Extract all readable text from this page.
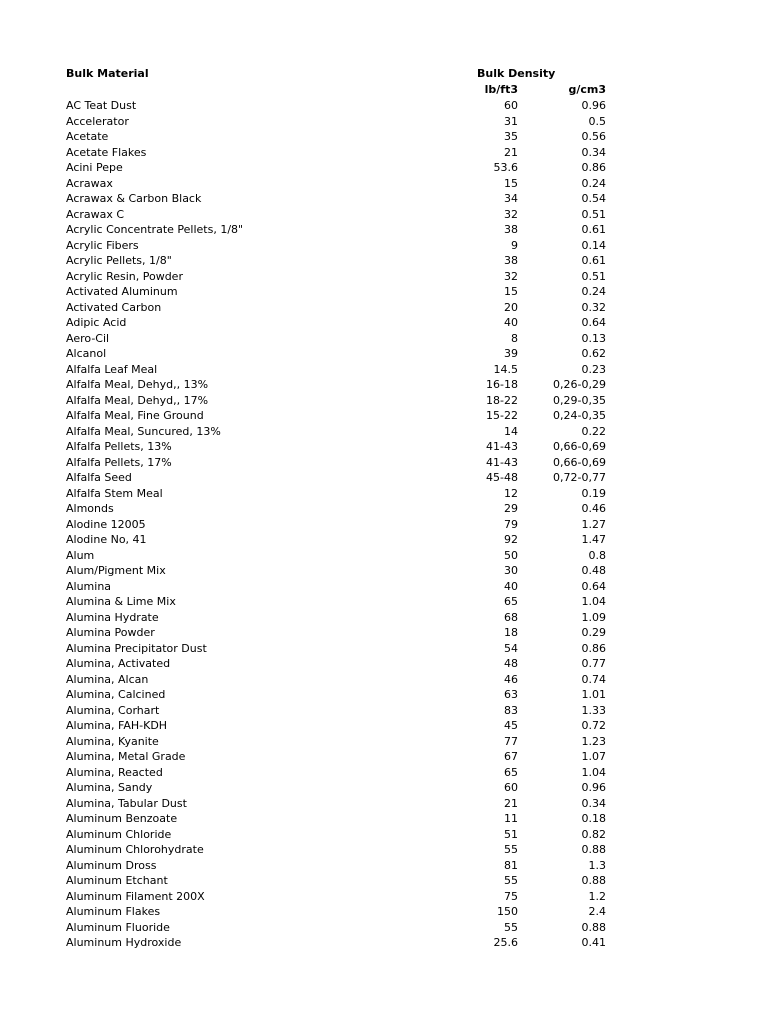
Bulk Material	Bulk Density
lb/ft3	g/cm3
AC Teat Dust	60	0.96
Accelerator	31	0.5
Acetate	35	0.56
Acetate Flakes	21	0.34
Acini Pepe	53.6	0.86
Acrawax	15	0.24
Acrawax & Carbon Black	34	0.54
Acrawax C	32	0.51
Acrylic Concentrate Pellets, 1/8"	38	0.61
Acrylic Fibers	9	0.14
Acrylic Pellets, 1/8"	38	0.61
Acrylic Resin, Powder	32	0.51
Activated Aluminum	15	0.24
Activated Carbon	20	0.32
Adipic Acid	40	0.64
Aero-Cil	8	0.13
Alcanol	39	0.62
Alfalfa Leaf Meal	14.5	0.23
Alfalfa Meal, Dehyd,, 13%	16-18	0,26-0,29
Alfalfa Meal, Dehyd,, 17%	18-22	0,29-0,35
Alfalfa Meal, Fine Ground	15-22	0,24-0,35
Alfalfa Meal, Suncured, 13%	14	0.22
Alfalfa Pellets, 13%	41-43	0,66-0,69
Alfalfa Pellets, 17%	41-43	0,66-0,69
Alfalfa Seed	45-48	0,72-0,77
Alfalfa Stem Meal	12	0.19
Almonds	29	0.46
Alodine 12005	79	1.27
Alodine No, 41	92	1.47
Alum	50	0.8
Alum/Pigment Mix	30	0.48
Alumina	40	0.64
Alumina & Lime Mix	65	1.04
Alumina Hydrate	68	1.09
Alumina Powder	18	0.29
Alumina Precipitator Dust	54	0.86
Alumina, Activated	48	0.77
Alumina, Alcan	46	0.74
Alumina, Calcined	63	1.01
Alumina, Corhart	83	1.33
Alumina, FAH-KDH	45	0.72
Alumina, Kyanite	77	1.23
Alumina, Metal Grade	67	1.07
Alumina, Reacted	65	1.04
Alumina, Sandy	60	0.96
Alumina, Tabular Dust	21	0.34
Aluminum Benzoate	11	0.18
Aluminum Chloride	51	0.82
Aluminum Chlorohydrate	55	0.88
Aluminum Dross	81	1.3
Aluminum Etchant	55	0.88
Aluminum Filament 200X	75	1.2
Aluminum Flakes	150	2.4
Aluminum Fluoride	55	0.88
Aluminum Hydroxide	25.6	0.41
